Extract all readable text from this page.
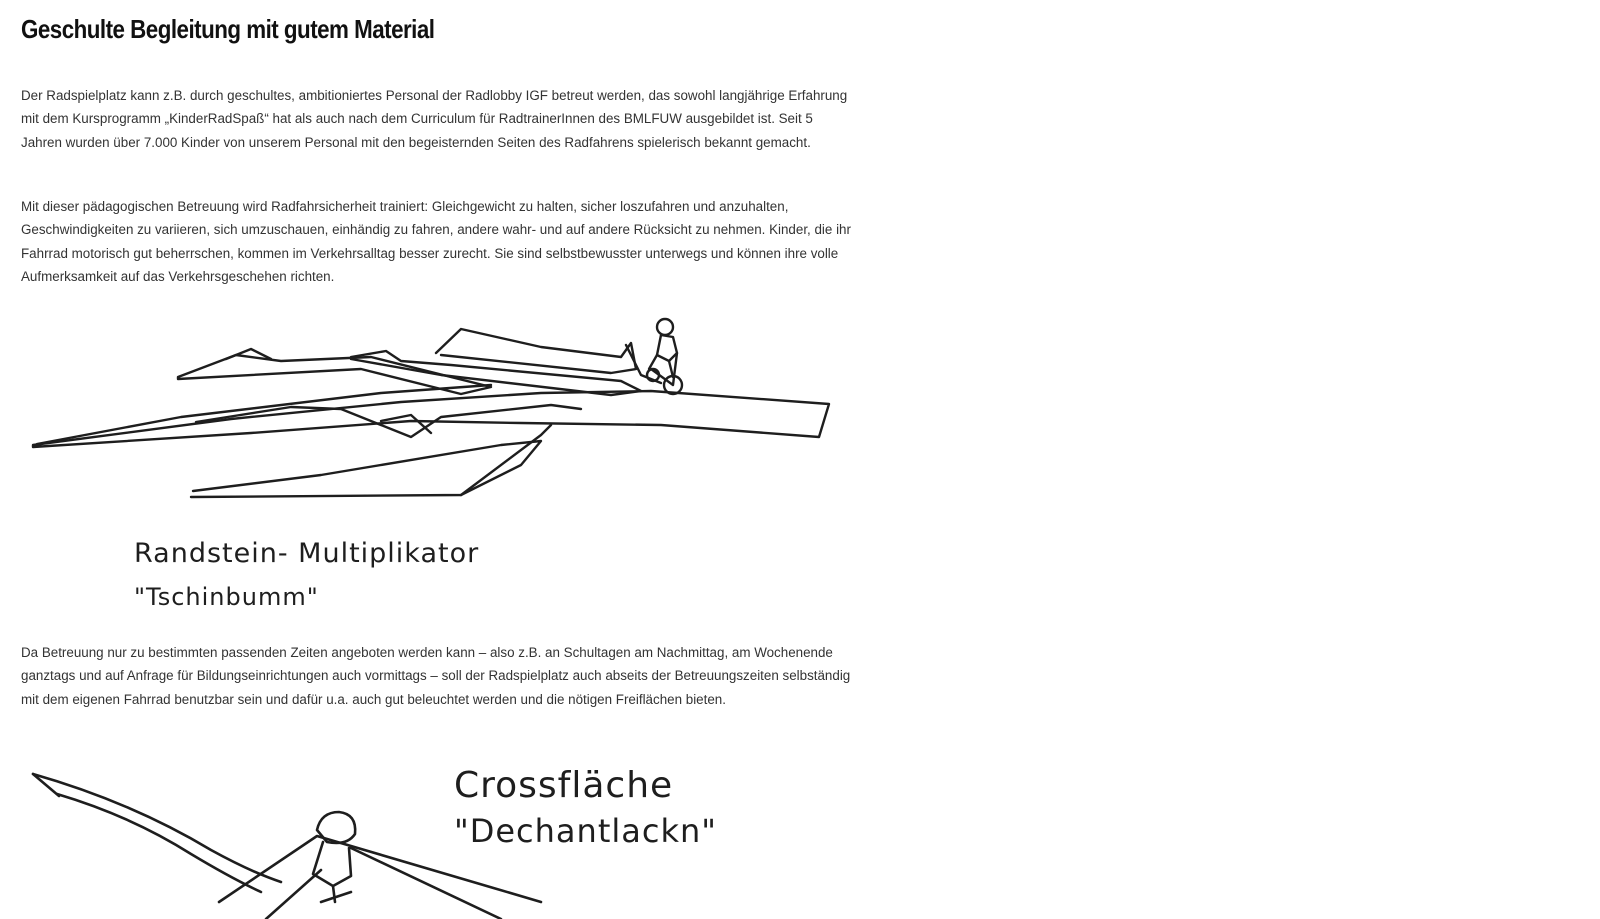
Geschulte Begleitung mit gutem Material

Der Radspielplatz kann z.B. durch geschultes, ambitioniertes Personal der Radlobby IGF betreut werden, das sowohl langjährige Erfahrung mit dem Kursprogramm „KinderRadSpaß“ hat als auch nach dem Curriculum für RadtrainerInnen des BMLFUW ausgebildet ist. Seit 5 Jahren wurden über 7.000 Kinder von unserem Personal mit den begeisternden Seiten des Radfahrens spielerisch bekannt gemacht.

Mit dieser pädagogischen Betreuung wird Radfahrsicherheit trainiert: Gleichgewicht zu halten, sicher loszufahren und anzuhalten, Geschwindigkeiten zu variieren, sich umzuschauen, einhändig zu fahren, andere wahr- und auf andere Rücksicht zu nehmen. Kinder, die ihr Fahrrad motorisch gut beherrschen, kommen im Verkehrsalltag besser zurecht. Sie sind selbstbewusster unterwegs und können ihre volle Aufmerksamkeit auf das Verkehrsgeschehen richten.

Randstein- Multiplikator
"Tschinbumm"

Da Betreuung nur zu bestimmten passenden Zeiten angeboten werden kann – also z.B. an Schultagen am Nachmittag, am Wochenende ganztags und auf Anfrage für Bildungseinrichtungen auch vormittags – soll der Radspielplatz auch abseits der Betreuungszeiten selbständig mit dem eigenen Fahrrad benutzbar sein und dafür u.a. auch gut beleuchtet werden und die nötigen Freiflächen bieten.

Crossfläche
"Dechantlackn"
